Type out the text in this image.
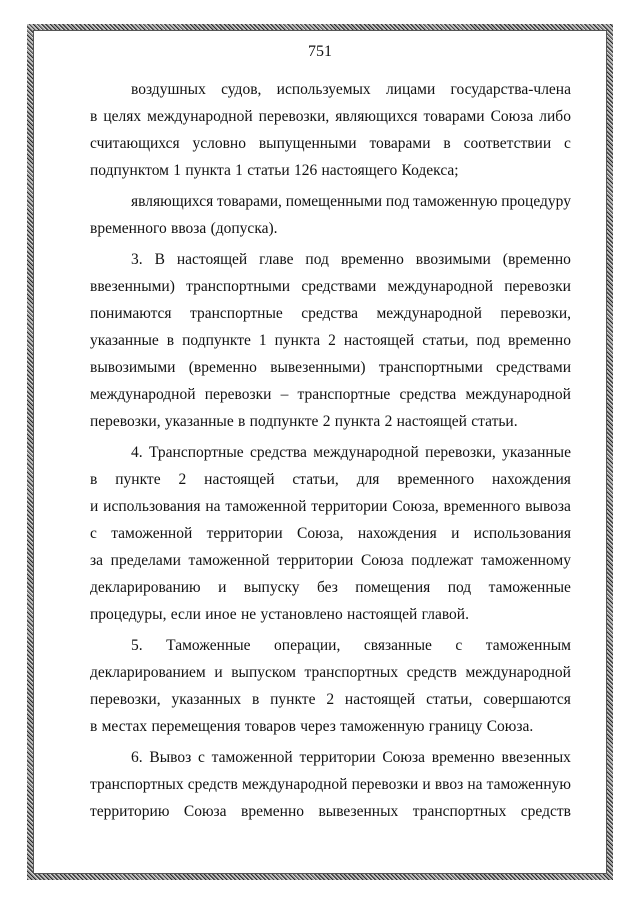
751
воздушных судов, используемых лицами государства-члена
в целях международной перевозки, являющихся товарами Союза либо
считающихся условно выпущенными товарами в соответствии с
подпунктом 1 пункта 1 статьи 126 настоящего Кодекса;
являющихся товарами, помещенными под таможенную процедуру
временного ввоза (допуска).
3. В настоящей главе под временно ввозимыми (временно
ввезенными) транспортными средствами международной перевозки
понимаются транспортные средства международной перевозки,
указанные в подпункте 1 пункта 2 настоящей статьи, под временно
вывозимыми (временно вывезенными) транспортными средствами
международной перевозки – транспортные средства международной
перевозки, указанные в подпункте 2 пункта 2 настоящей статьи.
4. Транспортные средства международной перевозки, указанные
в пункте 2 настоящей статьи, для временного нахождения
и использования на таможенной территории Союза, временного вывоза
с таможенной территории Союза, нахождения и использования
за пределами таможенной территории Союза подлежат таможенному
декларированию и выпуску без помещения под таможенные
процедуры, если иное не установлено настоящей главой.
5. Таможенные операции, связанные с таможенным
декларированием и выпуском транспортных средств международной
перевозки, указанных в пункте 2 настоящей статьи, совершаются
в местах перемещения товаров через таможенную границу Союза.
6. Вывоз с таможенной территории Союза временно ввезенных
транспортных средств международной перевозки и ввоз на таможенную
территорию Союза временно вывезенных транспортных средств
